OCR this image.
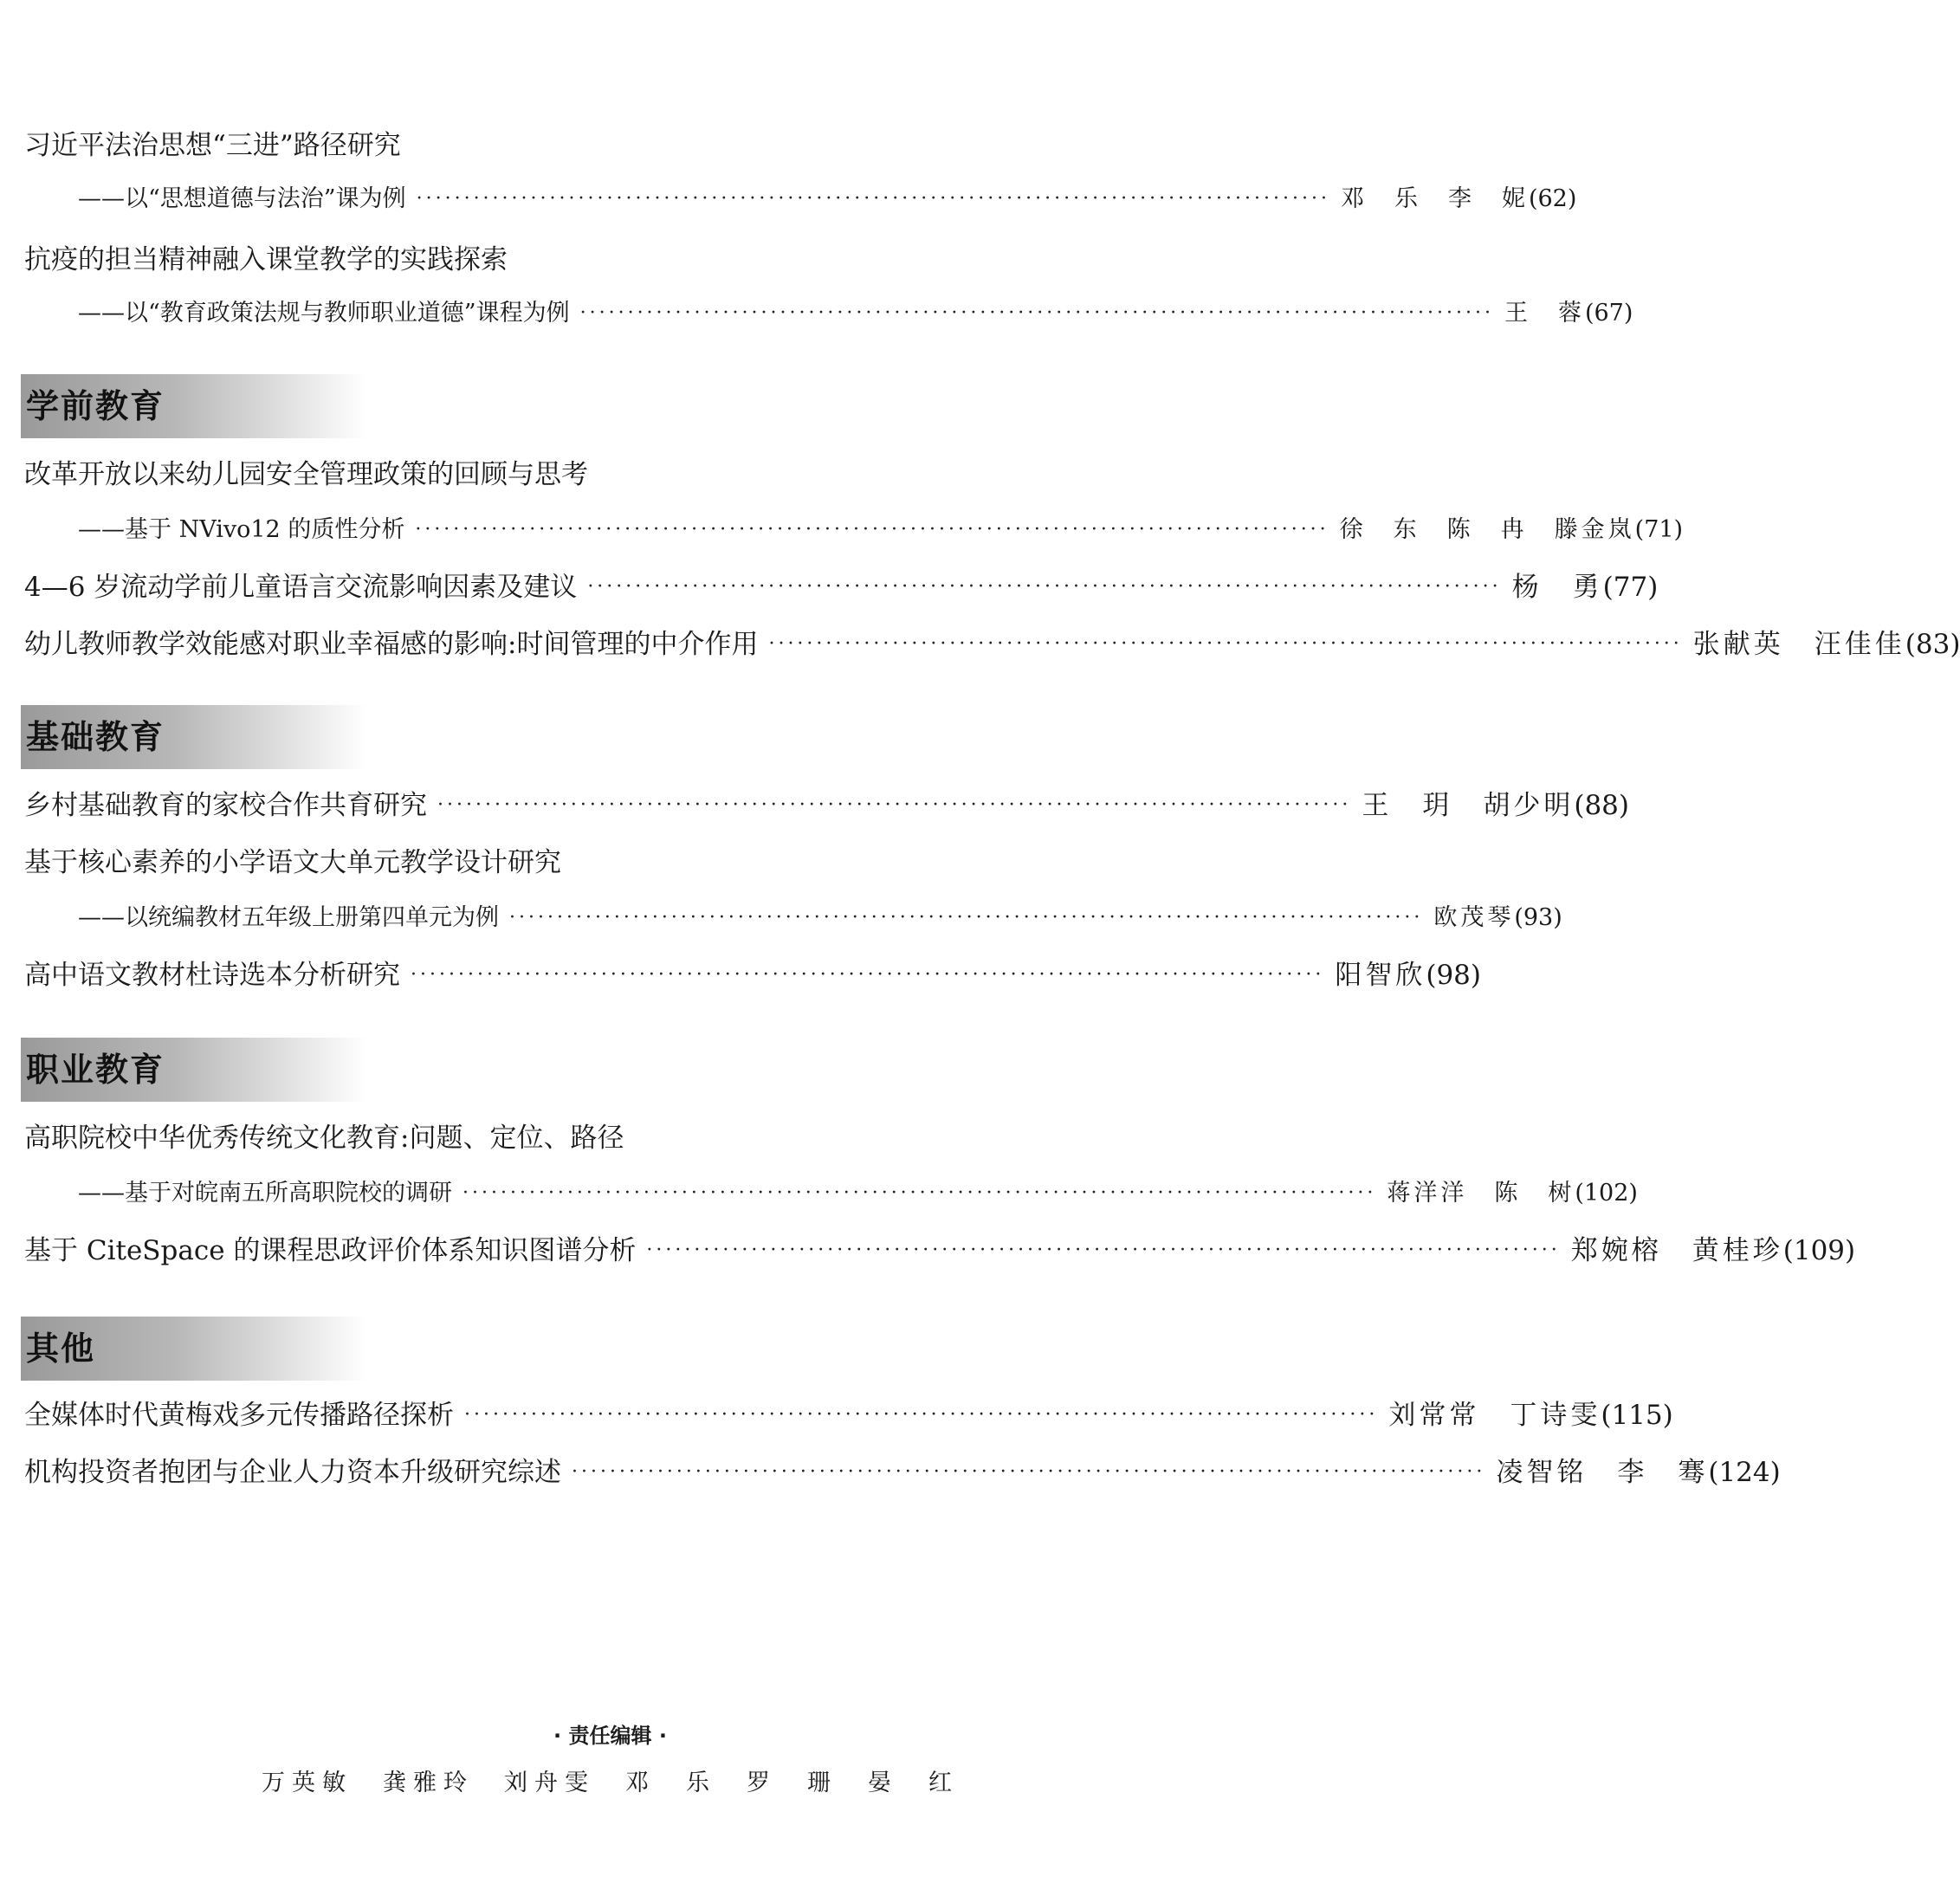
习近平法治思想“三进”路径研究
——以“思想道德与法治”课为例 ································································································ 邓　乐　李　妮 (62)
抗疫的担当精神融入课堂教学的实践探索
——以“教育政策法规与教师职业道德”课程为例 ································································································ 王　蓉 (67)
学前教育
改革开放以来幼儿园安全管理政策的回顾与思考
——基于 NVivo12 的质性分析 ································································································ 徐　东　陈　冉　滕金岚 (71)
4—6 岁流动学前儿童语言交流影响因素及建议 ································································································ 杨　勇 (77)
幼儿教师教学效能感对职业幸福感的影响:时间管理的中介作用 ································································································ 张献英　汪佳佳 (83)
基础教育
乡村基础教育的家校合作共育研究 ································································································ 王　玥　胡少明 (88)
基于核心素养的小学语文大单元教学设计研究
——以统编教材五年级上册第四单元为例 ································································································ 欧茂琴 (93)
高中语文教材杜诗选本分析研究 ································································································ 阳智欣 (98)
职业教育
高职院校中华优秀传统文化教育:问题、定位、路径
——基于对皖南五所高职院校的调研 ································································································ 蒋洋洋　陈　树 (102)
基于 CiteSpace 的课程思政评价体系知识图谱分析 ································································································ 郑婉榕　黄桂珍 (109)
其他
全媒体时代黄梅戏多元传播路径探析 ································································································ 刘常常　丁诗雯 (115)
机构投资者抱团与企业人力资本升级研究综述 ································································································ 凌智铭　李　骞 (124)
· 责任编辑 ·
万英敏　龚雅玲　刘舟雯　邓　乐　罗　珊　晏　红
